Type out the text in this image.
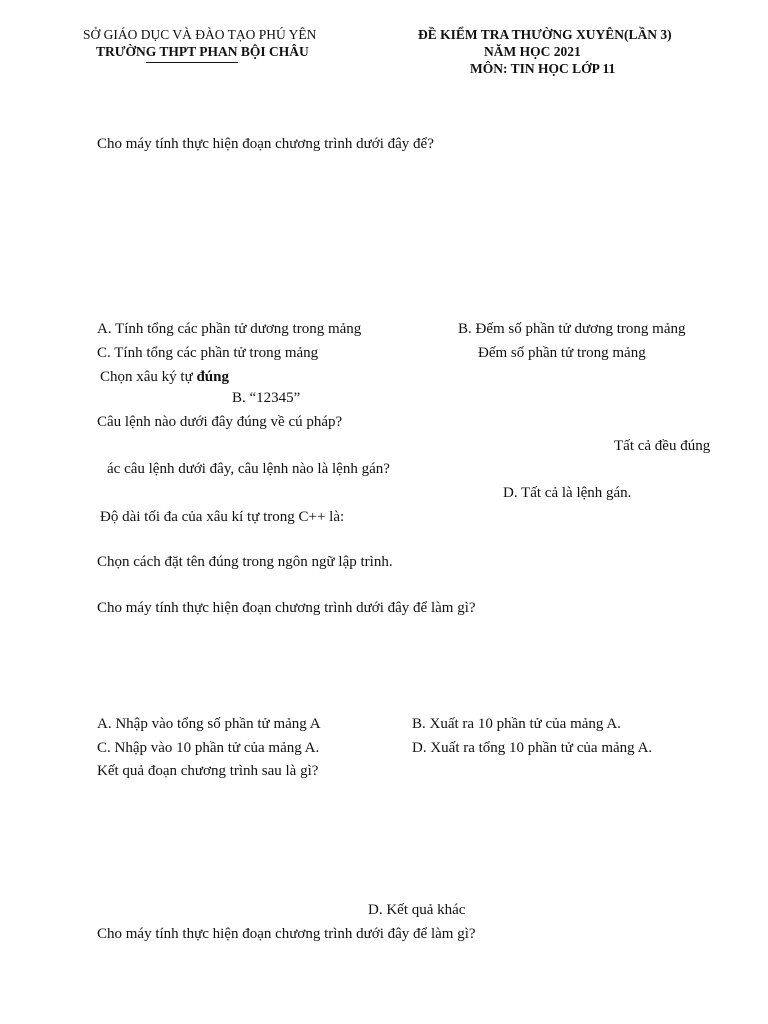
SỞ GIÁO DỤC VÀ ĐÀO TẠO PHÚ YÊN
TRƯỜNG THPT PHAN BỘI CHÂU
ĐỀ KIỂM TRA THƯỜNG XUYÊN(LẦN 3)
NĂM HỌC 2021
MÔN: TIN HỌC LỚP 11
Cho máy tính thực hiện đoạn chương trình dưới đây để?
A. Tính tổng các phần tử dương trong mảng	B. Đếm số phần tử dương trong mảng
C. Tính tổng các phần tử trong mảng	Đếm số phần tử trong mảng
Chọn xâu ký tự đúng
B. “12345”
Câu lệnh nào dưới đây đúng về cú pháp?
Tất cả đều đúng
ác câu lệnh dưới đây, câu lệnh nào là lệnh gán?
D. Tất cả là lệnh gán.
Độ dài tối đa của xâu kí tự trong C++ là:
Chọn cách đặt tên đúng trong ngôn ngữ lập trình.
Cho máy tính thực hiện đoạn chương trình dưới đây để làm gì?
A. Nhập vào tổng số phần tử mảng A	B. Xuất ra 10 phần tử của mảng A.
C. Nhập vào 10 phần tử của mảng A.	D. Xuất ra tổng 10 phần tử của mảng A.
Kết quả đoạn chương trình sau là gì?
D. Kết quả khác
Cho máy tính thực hiện đoạn chương trình dưới đây để làm gì?
